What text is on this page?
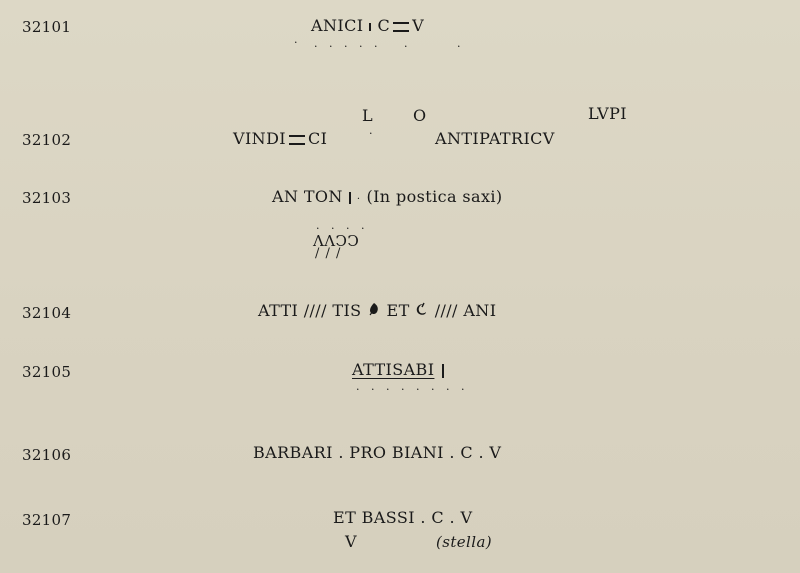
32101	ANICI C V
. . . . . . .	.
32102
L O	LVPI
VINDI CI	.	ANTIPATRICV
32103	AN TON · (In postica saxi)
. . . .
ΛΛϽϽ
/ / /
32104	ATTI //// TIS ET //// ANI
32105	ATTISABI
. . . . . . . .
32106	BARBARI . PRO BIANI . C . V
32107	ET BASSI . C . V
V	(stella)
